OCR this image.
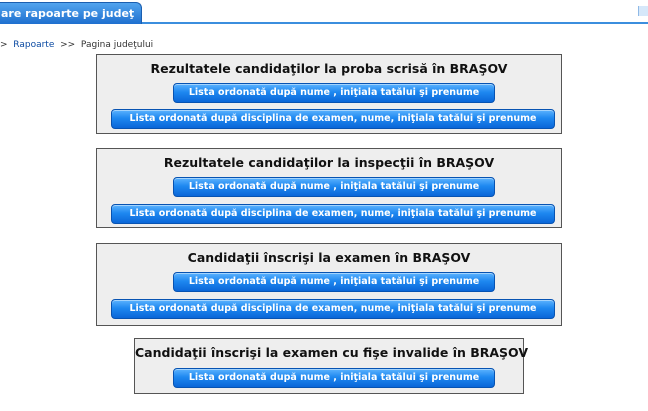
are rapoarte pe judeţ
> Rapoarte >> Pagina judeţului
Rezultatele candidaţilor la proba scrisă în BRAŞOV
Lista ordonată după nume , iniţiala tatălui şi prenume
Lista ordonată după disciplina de examen, nume, iniţiala tatălui şi prenume
Rezultatele candidaţilor la inspecţii în BRAŞOV
Lista ordonată după nume , iniţiala tatălui şi prenume
Lista ordonată după disciplina de examen, nume, iniţiala tatălui şi prenume
Candidaţii înscrişi la examen în BRAŞOV
Lista ordonată după nume , iniţiala tatălui şi prenume
Lista ordonată după disciplina de examen, nume, iniţiala tatălui şi prenume
Candidaţii înscrişi la examen cu fişe invalide în BRAŞOV
Lista ordonată după nume , iniţiala tatălui şi prenume
